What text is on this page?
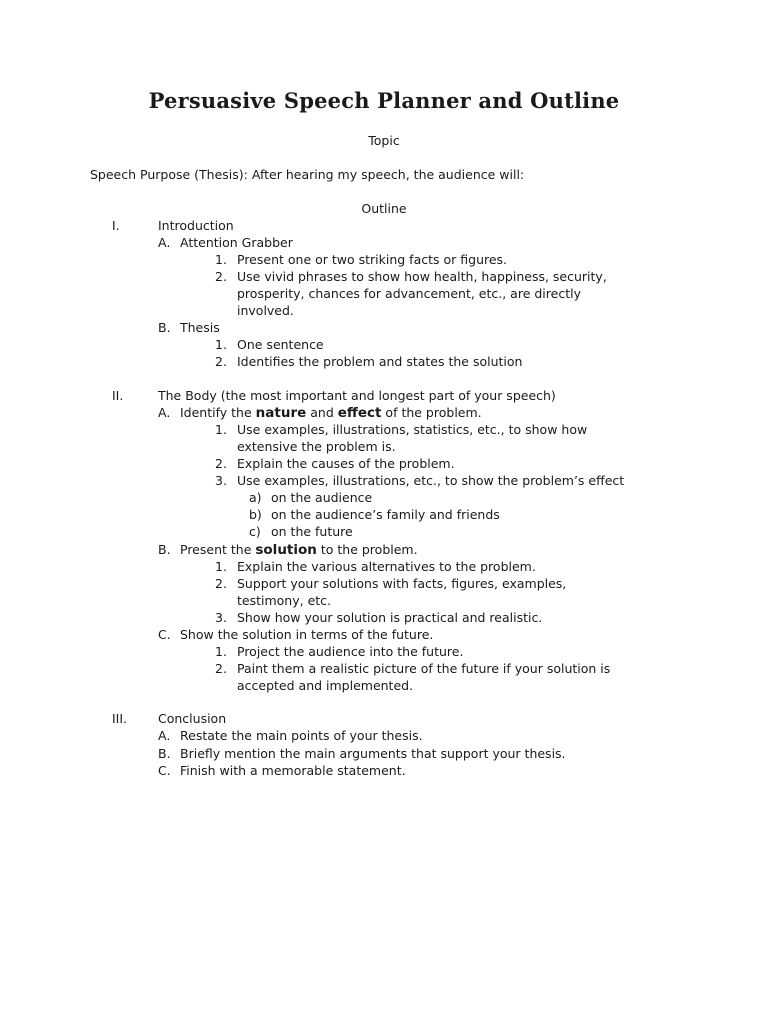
Persuasive Speech Planner and Outline
Topic
Speech Purpose (Thesis): After hearing my speech, the audience will:
Outline
I.	Introduction
A. Attention Grabber
1. Present one or two striking facts or figures.
2. Use vivid phrases to show how health, happiness, security,
prosperity, chances for advancement, etc., are directly
involved.
B. Thesis
1. One sentence
2. Identifies the problem and states the solution
II.	The Body (the most important and longest part of your speech)
A. Identify the nature and effect of the problem.
1. Use examples, illustrations, statistics, etc., to show how
extensive the problem is.
2. Explain the causes of the problem.
3. Use examples, illustrations, etc., to show the problem’s effect
a) on the audience
b) on the audience’s family and friends
c) on the future
B. Present the solution to the problem.
1. Explain the various alternatives to the problem.
2. Support your solutions with facts, figures, examples,
testimony, etc.
3. Show how your solution is practical and realistic.
C. Show the solution in terms of the future.
1. Project the audience into the future.
2. Paint them a realistic picture of the future if your solution is
accepted and implemented.
III. Conclusion
A. Restate the main points of your thesis.
B. Briefly mention the main arguments that support your thesis.
C. Finish with a memorable statement.
